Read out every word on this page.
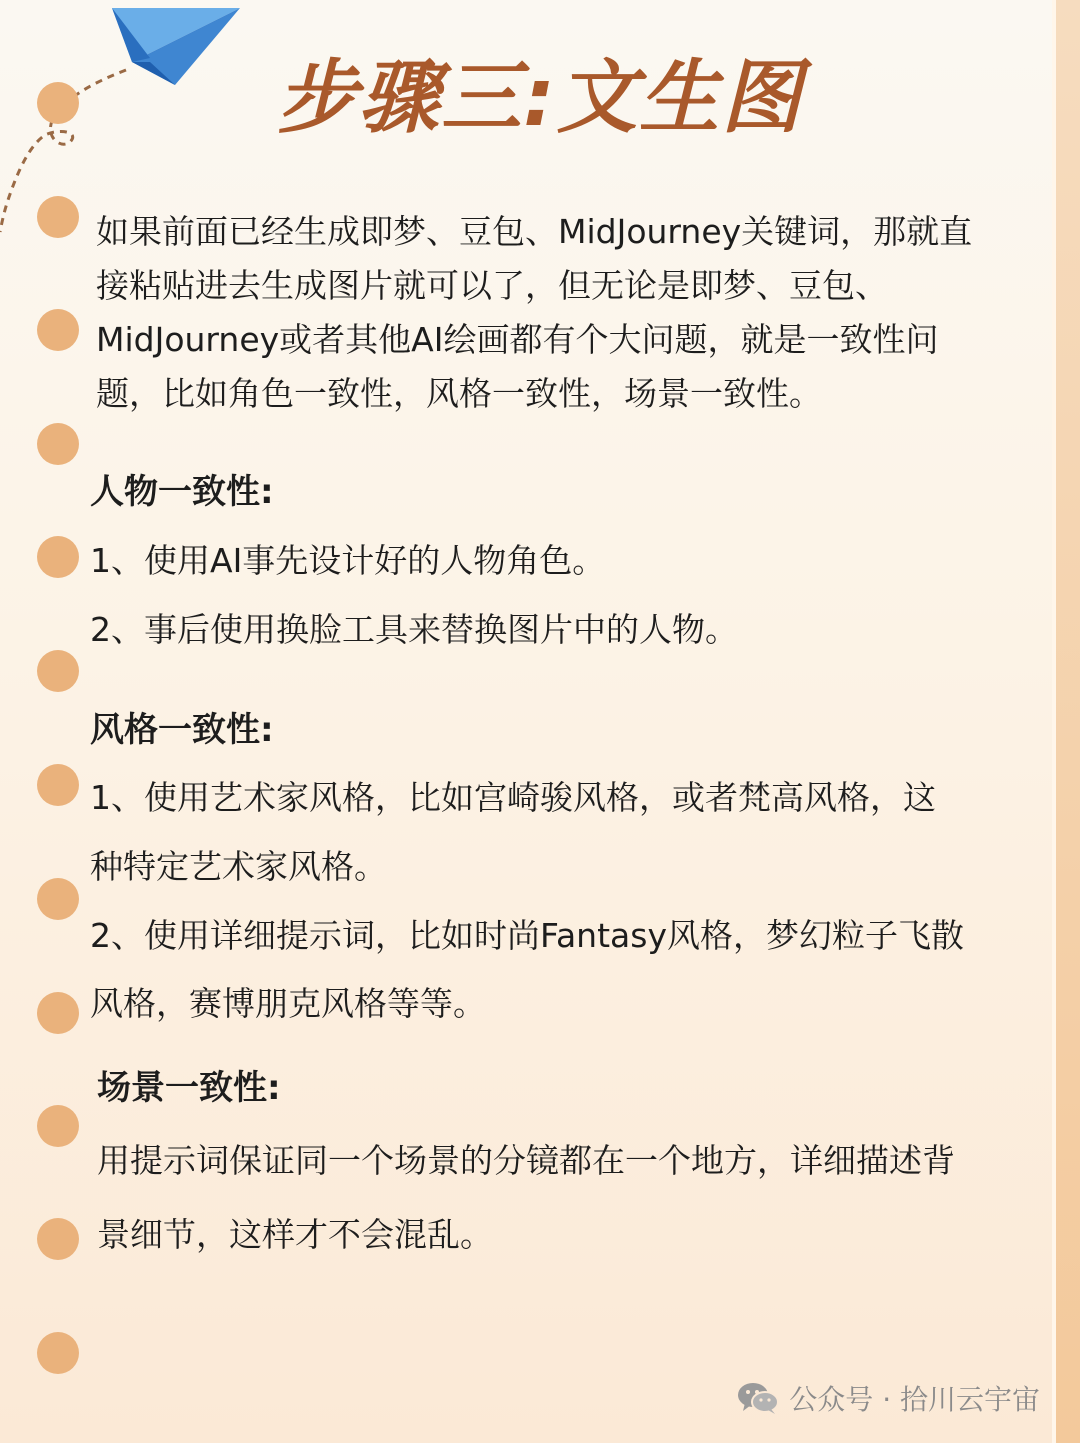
步骤三:文生图

如果前面已经生成即梦、豆包、MidJourney关键词，那就直
接粘贴进去生成图片就可以了，但无论是即梦、豆包、
MidJourney或者其他AI绘画都有个大问题，就是一致性问
题，比如角色一致性，风格一致性，场景一致性。

人物一致性:
1、使用AI事先设计好的人物角色。
2、事后使用换脸工具来替换图片中的人物。
风格一致性:
1、使用艺术家风格，比如宫崎骏风格，或者梵高风格，这
种特定艺术家风格。
2、使用详细提示词，比如时尚Fantasy风格，梦幻粒子飞散
风格，赛博朋克风格等等。
场景一致性:
用提示词保证同一个场景的分镜都在一个地方，详细描述背
景细节，这样才不会混乱。
公众号 · 拾川云宇宙
